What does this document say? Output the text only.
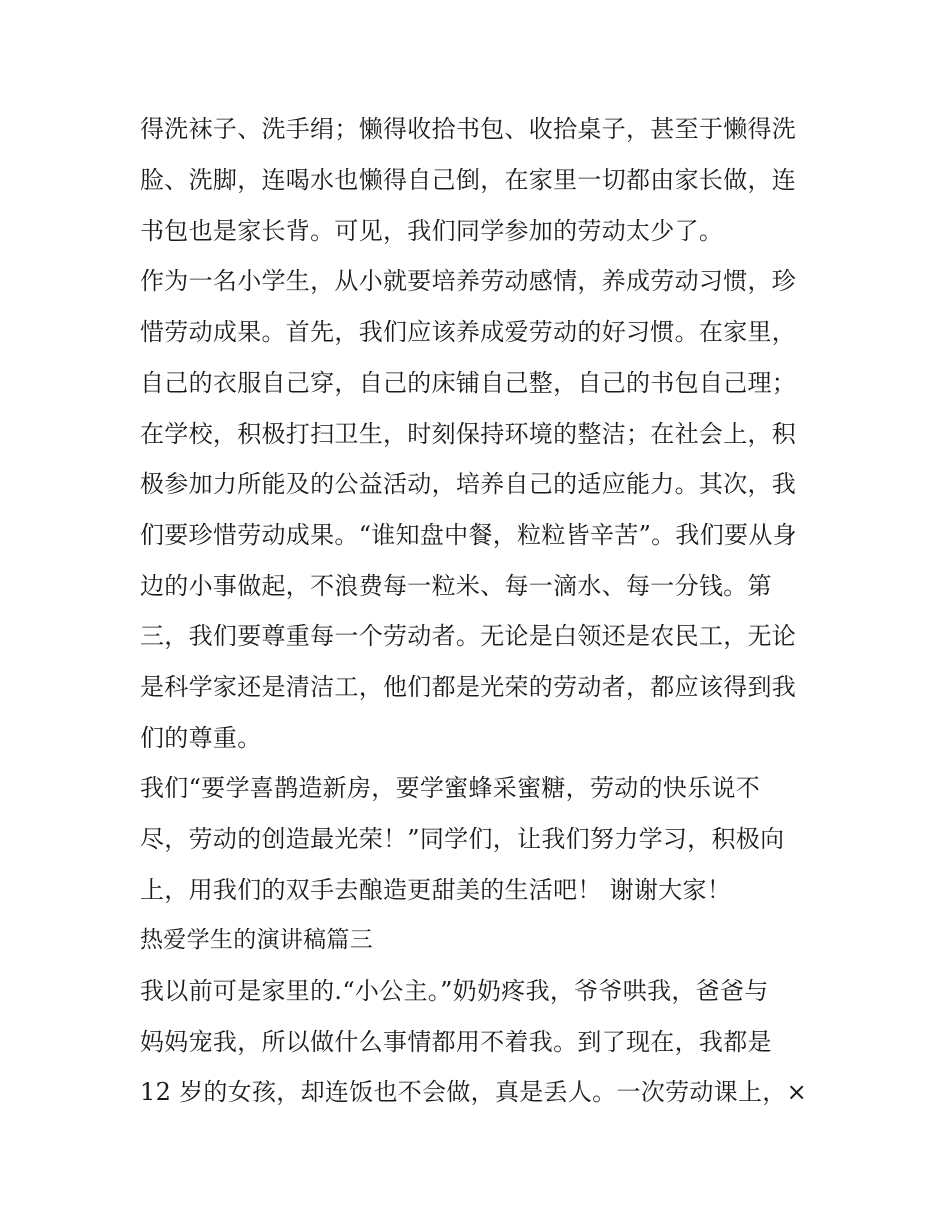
得洗袜子、洗手绢；懒得收拾书包、收拾桌子，甚至于懒得洗
脸、洗脚，连喝水也懒得自己倒，在家里一切都由家长做，连
书包也是家长背。可见，我们同学参加的劳动太少了。
作为一名小学生，从小就要培养劳动感情，养成劳动习惯，珍
惜劳动成果。首先，我们应该养成爱劳动的好习惯。在家里，
自己的衣服自己穿，自己的床铺自己整，自己的书包自己理；
在学校，积极打扫卫生，时刻保持环境的整洁；在社会上，积
极参加力所能及的公益活动，培养自己的适应能力。其次，我
们要珍惜劳动成果。“谁知盘中餐，粒粒皆辛苦”。我们要从身
边的小事做起，不浪费每一粒米、每一滴水、每一分钱。第
三，我们要尊重每一个劳动者。无论是白领还是农民工，无论
是科学家还是清洁工，他们都是光荣的劳动者，都应该得到我
们的尊重。
我们“要学喜鹊造新房，要学蜜蜂采蜜糖，劳动的快乐说不
尽，劳动的创造最光荣！”同学们，让我们努力学习，积极向
上，用我们的双手去酿造更甜美的生活吧！ 谢谢大家！
热爱学生的演讲稿篇三
我以前可是家里的.“小公主。”奶奶疼我，爷爷哄我，爸爸与
妈妈宠我，所以做什么事情都用不着我。到了现在，我都是
12 岁的女孩，却连饭也不会做，真是丢人。一次劳动课上，×
